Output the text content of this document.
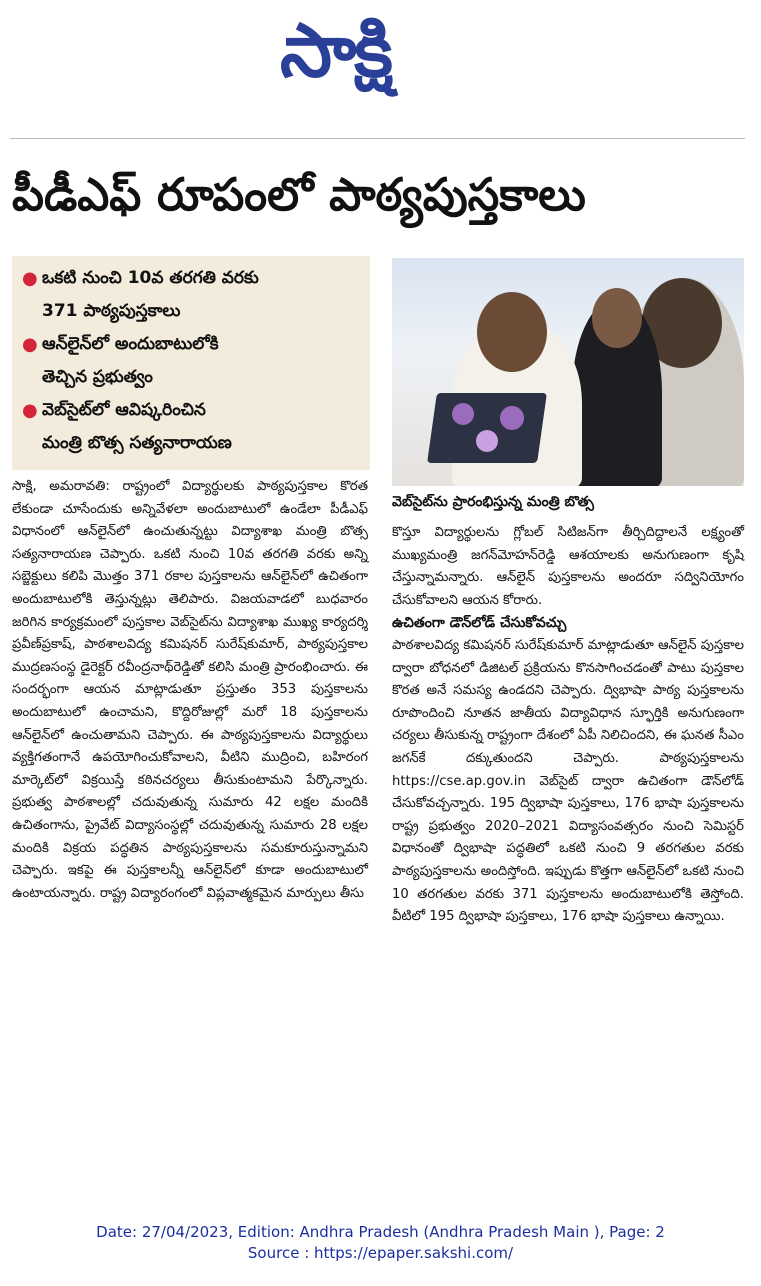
సాక్షి
పీడీఎఫ్‌ రూపంలో పాఠ్యపుస్తకాలు
● ఒకటి నుంచి 10వ తరగతి వరకు
371 పాఠ్యపుస్తకాలు
● ఆన్‌లైన్‌లో అందుబాటులోకి
తెచ్చిన ప్రభుత్వం
● వెబ్‌సైట్‌లో ఆవిష్కరించిన
మంత్రి బొత్స సత్యనారాయణ
వెబ్‌సైట్‌ను ప్రారంభిస్తున్న మంత్రి బొత్స

సాక్షి, అమరావతి: రాష్ట్రంలో విద్యార్థులకు పాఠ్యపుస్తకాల కొరత లేకుండా చూసేందుకు అన్నివేళలా అందుబాటులో ఉండేలా పీడీఎఫ్‌ విధానంలో ఆన్‌లైన్‌లో ఉంచుతున్నట్టు విద్యాశాఖ మంత్రి బొత్స సత్యనారాయణ చెప్పారు. ఒకటి నుంచి 10వ తరగతి వరకు అన్ని సబ్జెక్టులు కలిపి మొత్తం 371 రకాల పుస్తకాలను ఆన్‌లైన్‌లో ఉచితంగా అందుబాటులోకి తెస్తున్నట్లు తెలిపారు. విజయవాడలో బుధవారం జరిగిన కార్యక్రమంలో పుస్తకాల వెబ్‌సైట్‌ను విద్యాశాఖ ముఖ్య కార్యదర్శి ప్రవీణ్‌ప్రకాష్, పాఠశాలవిద్య కమిషనర్‌ సురేష్‌కుమార్, పాఠ్యపుస్తకాల ముద్రణసంస్థ డైరెక్టర్‌ రవీంద్రనాథ్‌రెడ్డితో కలిసి మంత్రి ప్రారంభించారు. ఈ సందర్భంగా ఆయన మాట్లాడుతూ ప్రస్తుతం 353 పుస్తకాలను అందుబాటులో ఉంచామని, కొద్దిరోజుల్లో మరో 18 పుస్తకాలను ఆన్‌లైన్‌లో ఉంచుతామని చెప్పారు. ఈ పాఠ్యపుస్తకాలను విద్యార్థులు వ్యక్తిగతంగానే ఉపయోగించుకోవాలని, వీటిని ముద్రించి, బహిరంగ మార్కెట్‌లో విక్రయిస్తే కఠినచర్యలు తీసుకుంటామని పేర్కొన్నారు. ప్రభుత్వ పాఠశాలల్లో చదువుతున్న సుమారు 42 లక్షల మందికి ఉచితంగాను, ప్రైవేట్‌ విద్యాసంస్థల్లో చదువుతున్న సుమారు 28 లక్షల మందికి విక్రయ పద్ధతిన పాఠ్యపుస్తకాలను సమకూరుస్తున్నామని చెప్పారు. ఇకపై ఈ పుస్తకాలన్నీ ఆన్‌లైన్‌లో కూడా అందుబాటులో ఉంటాయన్నారు. రాష్ట్ర విద్యారంగంలో విప్లవాత్మకమైన మార్పులు తీసు

కొస్తూ విద్యార్థులను గ్లోబల్‌ సిటిజన్‌గా తీర్చిదిద్దాలనే లక్ష్యంతో ముఖ్యమంత్రి జగన్‌మోహన్‌రెడ్డి ఆశయాలకు అనుగుణంగా కృషి చేస్తున్నామన్నారు. ఆన్‌లైన్‌ పుస్తకాలను అందరూ సద్వినియోగం చేసుకోవాలని ఆయన కోరారు.

ఉచితంగా డౌన్‌లోడ్‌ చేసుకోవచ్చు

పాఠశాలవిద్య కమిషనర్‌ సురేష్‌కుమార్‌ మాట్లాడుతూ ఆన్‌లైన్‌ పుస్తకాల ద్వారా బోధనలో డిజిటల్‌ ప్రక్రియను కొనసాగించడంతో పాటు పుస్తకాల కొరత అనే సమస్య ఉండదని చెప్పారు. ద్విభాషా పాఠ్య పుస్తకాలను రూపొందించి నూతన జాతీయ విద్యావిధాన స్ఫూర్తికి అనుగుణంగా చర్యలు తీసుకున్న రాష్ట్రంగా దేశంలో ఏపీ నిలిచిందని, ఈ ఘనత సీఎం జగన్‌కే దక్కుతుందని చెప్పారు. పాఠ్యపుస్తకాలను https://cse.ap.gov.in వెబ్‌సైట్‌ ద్వారా ఉచితంగా డౌన్‌లోడ్‌ చేసుకోవచ్చన్నారు. 195 ద్విభాషా పుస్తకాలు, 176 భాషా పుస్తకాలను రాష్ట్ర ప్రభుత్వం 2020–2021 విద్యాసంవత్సరం నుంచి సెమిస్టర్‌ విధానంతో ద్విభాషా పద్ధతిలో ఒకటి నుంచి 9 తరగతుల వరకు పాఠ్యపుస్తకాలను అందిస్తోంది. ఇప్పుడు కొత్తగా ఆన్‌లైన్‌లో ఒకటి నుంచి 10 తరగతుల వరకు 371 పుస్తకాలను అందుబాటులోకి తెస్తోంది. వీటిలో 195 ద్విభాషా పుస్తకాలు, 176 భాషా పుస్తకాలు ఉన్నాయి.

Date: 27/04/2023, Edition: Andhra Pradesh (Andhra Pradesh Main ), Page: 2
Source : https://epaper.sakshi.com/
